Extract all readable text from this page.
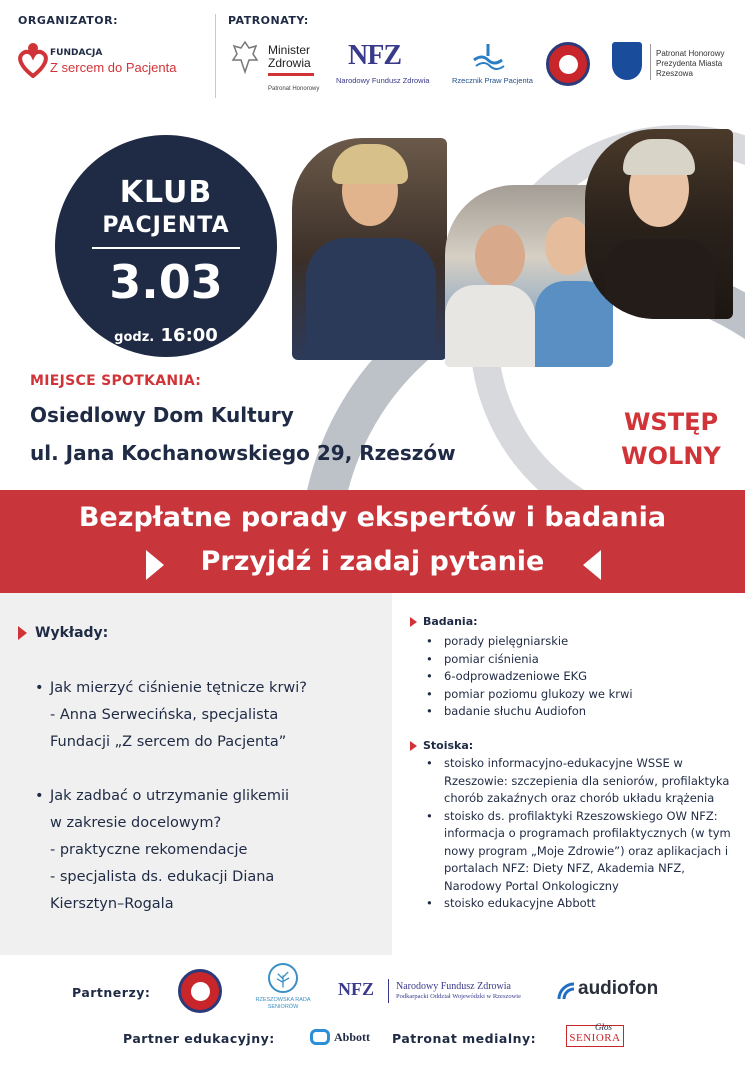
ORGANIZATOR:	PATRONATY:
FUNDACJA
Z sercem do Pacjenta
Minister
Zdrowia
Patronat Honorowy
NFZ
Narodowy Fundusz Zdrowia	Rzecznik Praw Pacjenta
Patronat Honorowy
Prezydenta Miasta
Rzeszowa
KLUB
PACJENTA
3.03
godz. 16:00
MIEJSCE SPOTKANIA:
Osiedlowy Dom Kultury
ul. Jana Kochanowskiego 29, Rzeszów
WSTĘP
WOLNY
Bezpłatne porady ekspertów i badania
Przyjdź i zadaj pytanie
Wykłady:
• Jak mierzyć ciśnienie tętnicze krwi?
- Anna Serwecińska, specjalista
Fundacji „Z sercem do Pacjenta”
• Jak zadbać o utrzymanie glikemii
w zakresie docelowym?
- praktyczne rekomendacje
- specjalista ds. edukacji Diana
Kiersztyn–Rogala
Badania:
• porady pielęgniarskie
• pomiar ciśnienia
• 6-odprowadzeniowe EKG
• pomiar poziomu glukozy we krwi
• badanie słuchu Audiofon
Stoiska:
• stoisko informacyjno-edukacyjne WSSE w Rzeszowie: szczepienia dla seniorów, profilaktyka chorób zakaźnych oraz chorób układu krążenia
• stoisko ds. profilaktyki Rzeszowskiego OW NFZ: informacja o programach profilaktycznych (w tym nowy program „Moje Zdrowie”) oraz aplikacjach i portalach NFZ: Diety NFZ, Akademia NFZ, Narodowy Portal Onkologiczny
• stoisko edukacyjne Abbott
Partnerzy:	RZESZOWSKA RADA SENIORÓW
NFZ Narodowy Fundusz Zdrowia
Podkarpacki Oddział Wojewódzki w Rzeszowie	audiofon
Partner edukacyjny:	Abbott Patronat medialny:
Głos
SENIORA
